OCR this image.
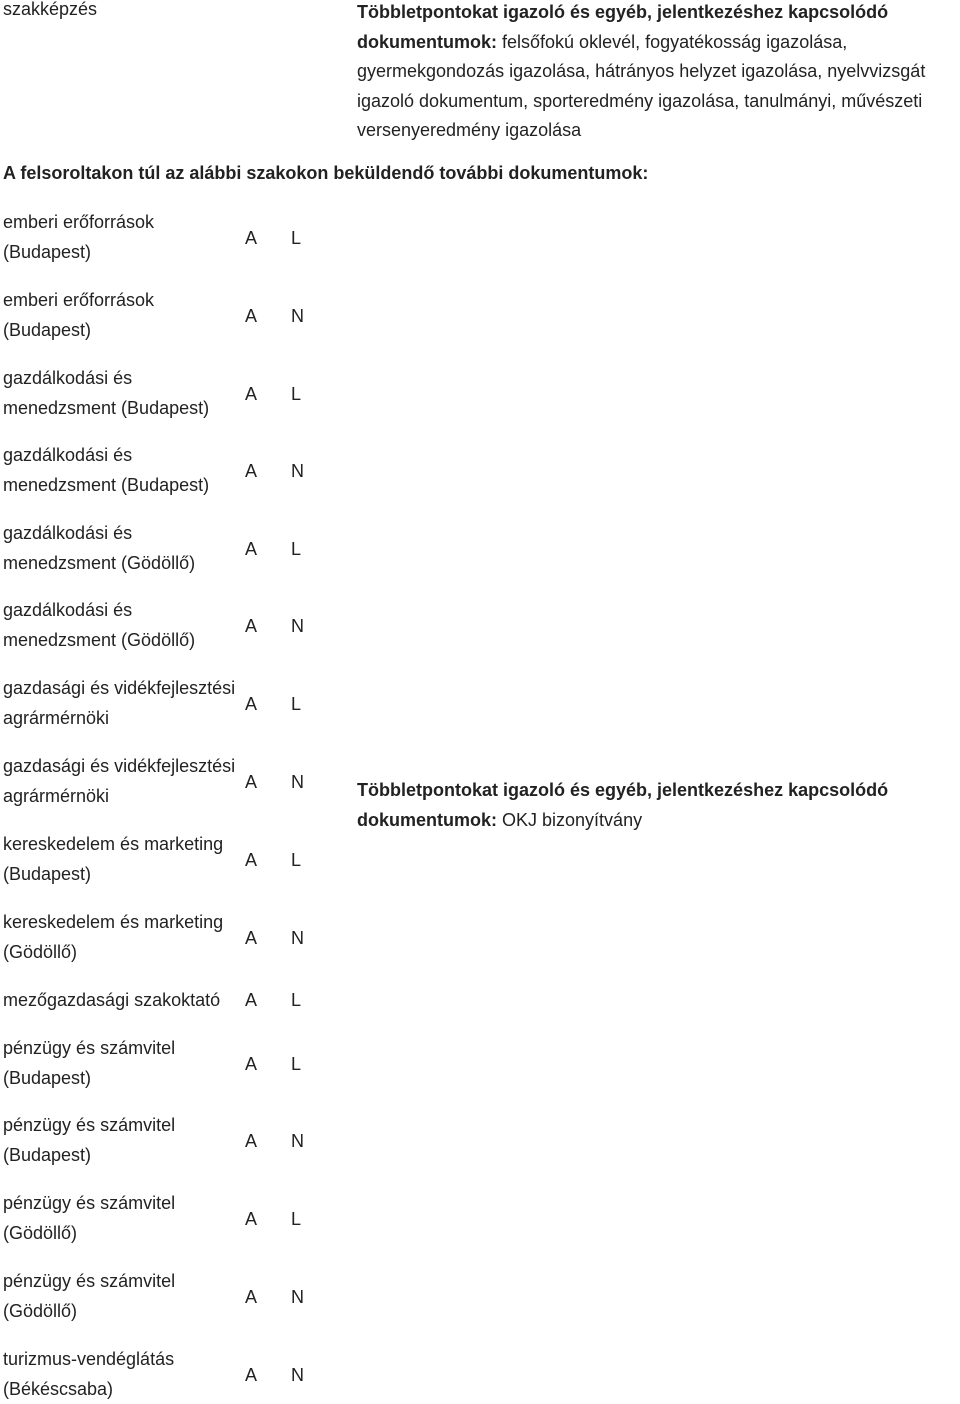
szakképzés	Többletpontokat igazoló és egyéb, jelentkezéshez kapcsolódó dokumentumok: felsőfokú oklevél, fogyatékosság igazolása, gyermekgondozás igazolása, hátrányos helyzet igazolása, nyelvvizsgát igazoló dokumentum, sporteredmény igazolása, tanulmányi, művészeti versenyeredmény igazolása
A felsoroltakon túl az alábbi szakokon beküldendő további dokumentumok:
emberi erőforrások (Budapest)
A L
emberi erőforrások (Budapest)
A N
gazdálkodási és menedzsment (Budapest)
A L
gazdálkodási és menedzsment (Budapest)
A N
gazdálkodási és menedzsment (Gödöllő)
A L
gazdálkodási és menedzsment (Gödöllő)
A N
gazdasági és vidékfejlesztési agrármérnöki
A L
gazdasági és vidékfejlesztési agrármérnöki
A N
kereskedelem és marketing (Budapest)
A L
kereskedelem és marketing (Gödöllő)
A N
mezőgazdasági szakoktató	A L
pénzügy és számvitel (Budapest)
A L
pénzügy és számvitel (Budapest)
A N
pénzügy és számvitel (Gödöllő)
A L
pénzügy és számvitel (Gödöllő)
A N
turizmus-vendéglátás (Békéscsaba)
A N
Többletpontokat igazoló és egyéb, jelentkezéshez kapcsolódó dokumentumok: OKJ bizonyítvány
